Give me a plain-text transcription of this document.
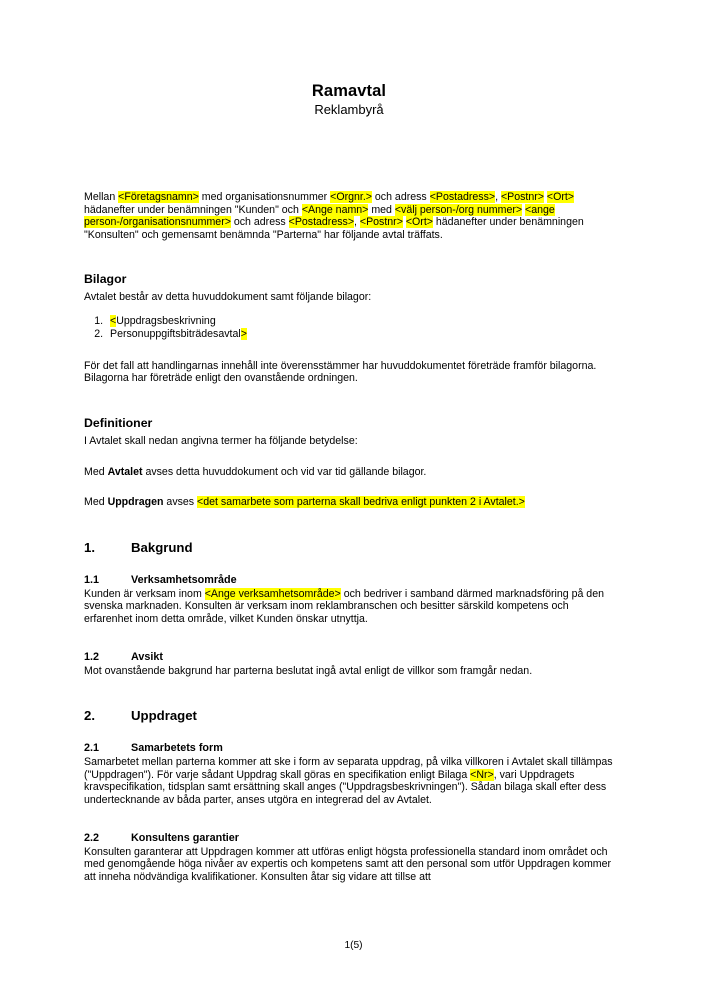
Ramavtal
Reklambyrå

Mellan <Företagsnamn> med organisationsnummer <Orgnr.> och adress <Postadress>, <Postnr> <Ort> hädanefter under benämningen "Kunden" och <Ange namn> med <välj person-/org nummer> <ange person-/organisationsnummer> och adress <Postadress>, <Postnr> <Ort> hädanefter under benämningen "Konsulten" och gemensamt benämnda "Parterna" har följande avtal träffats.

Bilagor

Avtalet består av detta huvuddokument samt följande bilagor:

1. <Uppdragsbeskrivning
2. Personuppgiftsbiträdesavtal>

För det fall att handlingarnas innehåll inte överensstämmer har huvuddokumentet företräde framför bilagorna. Bilagorna har företräde enligt den ovanstående ordningen.

Definitioner

I Avtalet skall nedan angivna termer ha följande betydelse:

Med Avtalet avses detta huvuddokument och vid var tid gällande bilagor.

Med Uppdragen avses <det samarbete som parterna skall bedriva enligt punkten 2 i Avtalet.>

1.	Bakgrund
1.1	Verksamhetsområde

Kunden är verksam inom <Ange verksamhetsområde> och bedriver i samband därmed marknadsföring på den svenska marknaden. Konsulten är verksam inom reklambranschen och besitter särskild kompetens och erfarenhet inom detta område, vilket Kunden önskar utnyttja.

1.2	Avsikt

Mot ovanstående bakgrund har parterna beslutat ingå avtal enligt de villkor som framgår nedan.

2.	Uppdraget
2.1	Samarbetets form

Samarbetet mellan parterna kommer att ske i form av separata uppdrag, på vilka villkoren i Avtalet skall tillämpas ("Uppdragen"). För varje sådant Uppdrag skall göras en specifikation enligt Bilaga <Nr>, vari Uppdragets kravspecifikation, tidsplan samt ersättning skall anges ("Uppdragsbeskrivningen"). Sådan bilaga skall efter dess undertecknande av båda parter, anses utgöra en integrerad del av Avtalet.

2.2	Konsultens garantier

Konsulten garanterar att Uppdragen kommer att utföras enligt högsta professionella standard inom området och med genomgående höga nivåer av expertis och kompetens samt att den personal som utför Uppdragen kommer att inneha nödvändiga kvalifikationer. Konsulten åtar sig vidare att tillse att

1(5)
